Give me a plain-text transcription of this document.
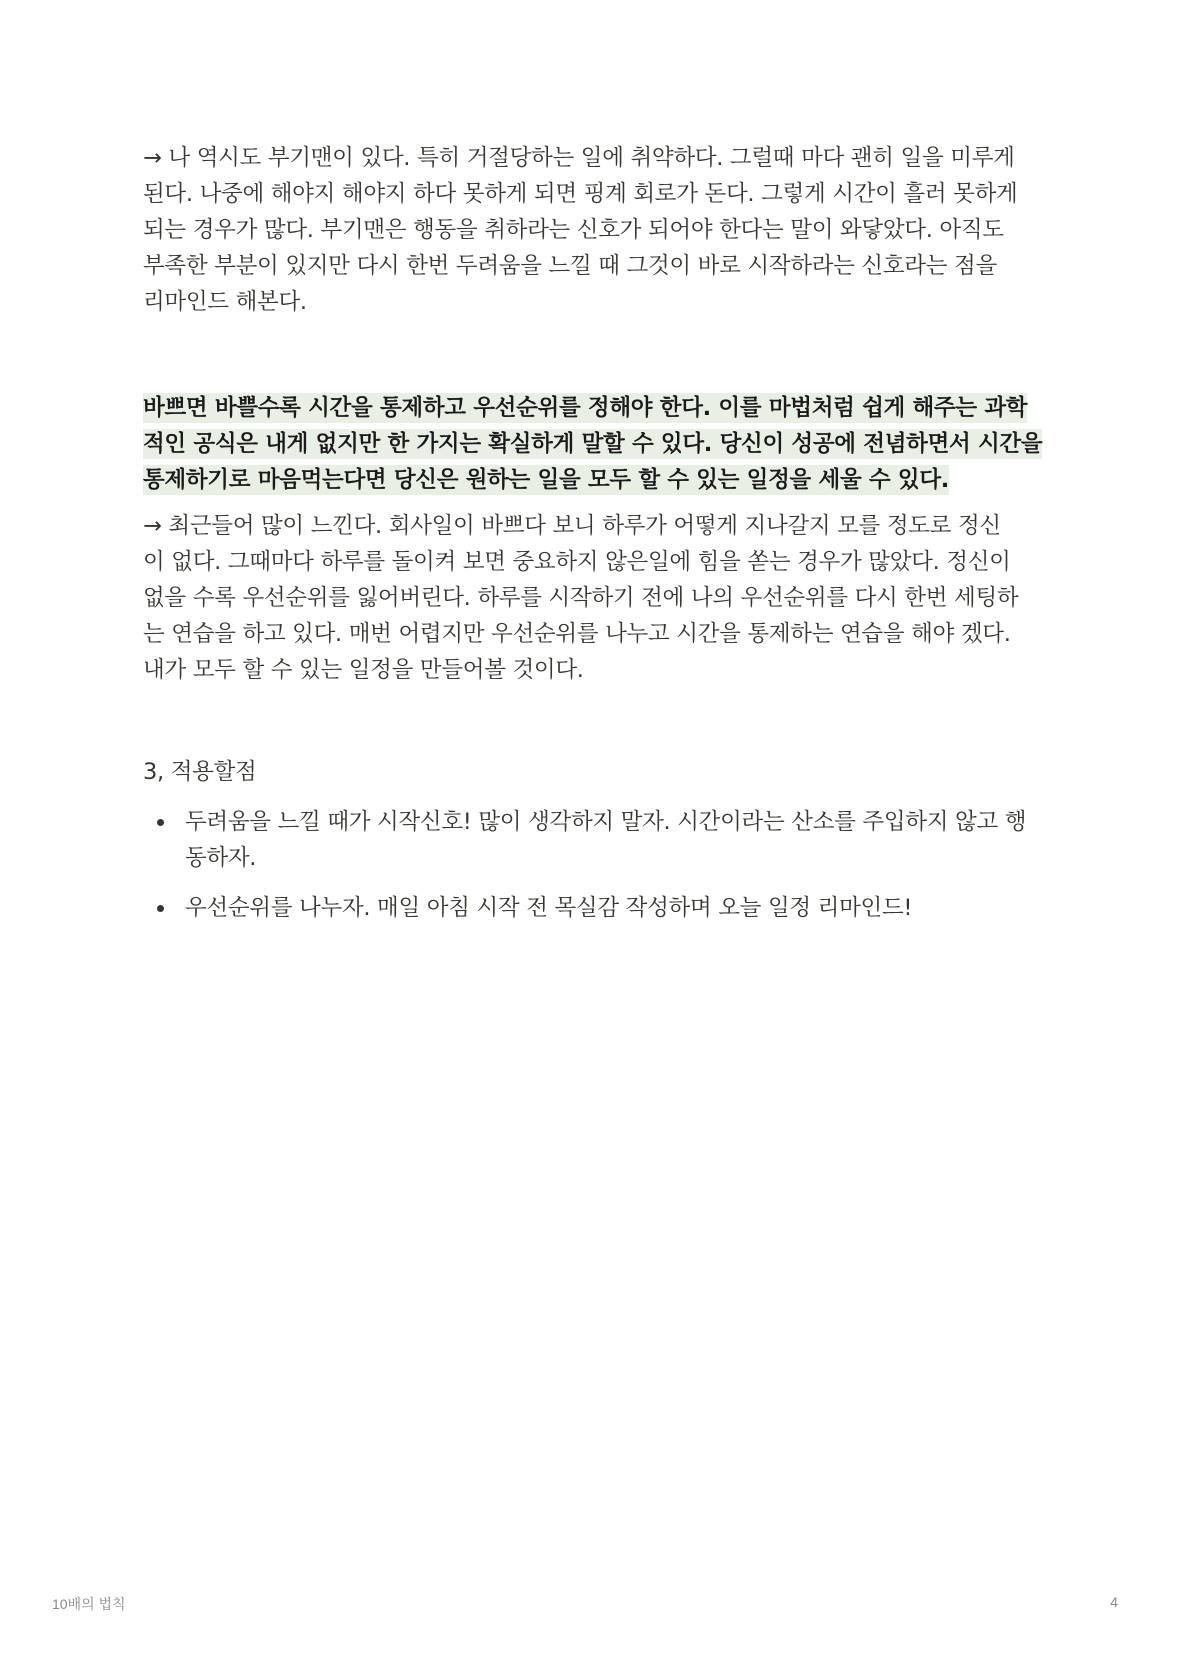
→ 나 역시도 부기맨이 있다. 특히 거절당하는 일에 취약하다. 그럴때 마다 괜히 일을 미루게
된다. 나중에 해야지 해야지 하다 못하게 되면 핑계 회로가 돈다. 그렇게 시간이 흘러 못하게
되는 경우가 많다. 부기맨은 행동을 취하라는 신호가 되어야 한다는 말이 와닿았다. 아직도
부족한 부분이 있지만 다시 한번 두려움을 느낄 때 그것이 바로 시작하라는 신호라는 점을
리마인드 해본다.

바쁘면 바쁠수록 시간을 통제하고 우선순위를 정해야 한다. 이를 마법처럼 쉽게 해주는 과학
적인 공식은 내게 없지만 한 가지는 확실하게 말할 수 있다. 당신이 성공에 전념하면서 시간을
통제하기로 마음먹는다면 당신은 원하는 일을 모두 할 수 있는 일정을 세울 수 있다.

→ 최근들어 많이 느낀다. 회사일이 바쁘다 보니 하루가 어떻게 지나갈지 모를 정도로 정신
이 없다. 그때마다 하루를 돌이켜 보면 중요하지 않은일에 힘을 쏟는 경우가 많았다. 정신이
없을 수록 우선순위를 잃어버린다. 하루를 시작하기 전에 나의 우선순위를 다시 한번 세팅하
는 연습을 하고 있다. 매번 어렵지만 우선순위를 나누고 시간을 통제하는 연습을 해야 겠다.
내가 모두 할 수 있는 일정을 만들어볼 것이다.

3, 적용할점
두려움을 느낄 때가 시작신호! 많이 생각하지 말자. 시간이라는 산소를 주입하지 않고 행
동하자.
우선순위를 나누자. 매일 아침 시작 전 목실감 작성하며 오늘 일정 리마인드!
10배의 법칙	4
